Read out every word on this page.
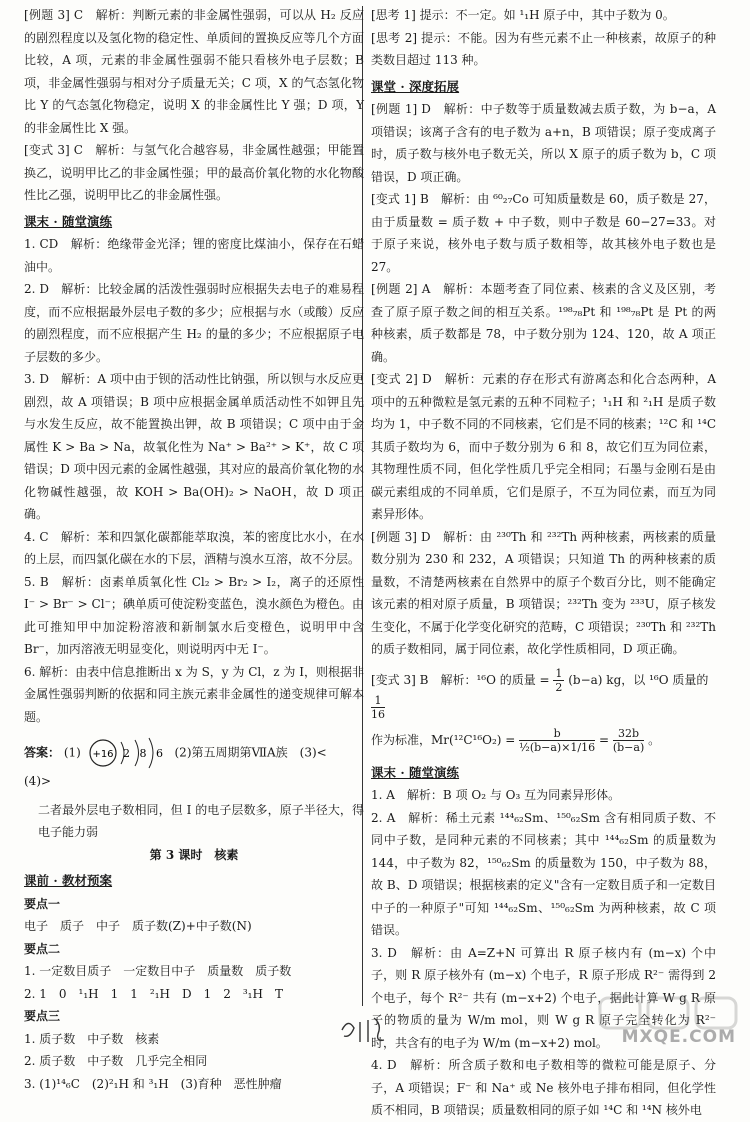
[例题 3] C　解析：判断元素的非金属性强弱，可以从 H₂ 反应的剧烈程度以及氢化物的稳定性、单质间的置换反应等几个方面比较，A 项，元素的非金属性强弱不能只看核外电子层数；B 项，非金属性强弱与相对分子质量无关；C 项，X 的气态氢化物比 Y 的气态氢化物稳定，说明 X 的非金属性比 Y 强；D 项，Y 的非金属性比 X 强。

[变式 3] C　解析：与氢气化合越容易，非金属性越强；甲能置换乙，说明甲比乙的非金属性强；甲的最高价氧化物的水化物酸性比乙强，说明甲比乙的非金属性强。

课末 · 随堂演练

1. CD　解析：绝缘带金光泽；锂的密度比煤油小，保存在石蜡油中。

2. D　解析：比较金属的活泼性强弱时应根据失去电子的难易程度，而不应根据最外层电子数的多少；应根据与水（或酸）反应的剧烈程度，而不应根据产生 H₂ 的量的多少；不应根据原子电子层数的多少。

3. D　解析：A 项中由于钡的活动性比钠强，所以钡与水反应更剧烈，故 A 项错误；B 项中应根据金属单质活动性不如钾且先与水发生反应，故不能置换出钾，故 B 项错误；C 项中由于金属性 K > Ba > Na，故氧化性为 Na⁺ > Ba²⁺ > K⁺，故 C 项错误；D 项中因元素的金属性越强，其对应的最高价氧化物的水化物碱性越强，故 KOH > Ba(OH)₂ > NaOH，故 D 项正确。

4. C　解析：苯和四氯化碳都能萃取溴，苯的密度比水小，在水的上层，而四氯化碳在水的下层，酒精与溴水互溶，故不分层。

5. B　解析：卤素单质氧化性 Cl₂ > Br₂ > I₂，离子的还原性 I⁻ > Br⁻ > Cl⁻；碘单质可使淀粉变蓝色，溴水颜色为橙色。由此可推知甲中加淀粉溶液和新制氯水后变橙色，说明甲中含 Br⁻，加丙溶液无明显变化，则说明丙中无 I⁻。

6. 解析：由表中信息推断出 x 为 S，y 为 Cl，z 为 I，则根据非金属性强弱判断的依据和同主族元素非金属性的递变规律可解本题。

答案： (1) +16 2 8 6 (2)第五周期第ⅦA族　(3)<　(4)>

二者最外层电子数相同，但 I 的电子层数多，原子半径大，得电子能力弱

第 3 课时　核素

课前 · 教材预案

要点一

电子　质子　中子　质子数(Z)+中子数(N)

要点二

1. 一定数目质子　一定数目中子　质量数　质子数

2. 1　0　¹₁H　1　1　²₁H　D　1　2　³₁H　T

要点三

1. 质子数　中子数　核素

2. 质子数　中子数　几乎完全相同

3. (1)¹⁴₆C　(2)²₁H 和 ³₁H　(3)育种　恶性肿瘤

[思考 1] 提示：不一定。如 ¹₁H 原子中，其中子数为 0。

[思考 2] 提示：不能。因为有些元素不止一种核素，故原子的种类数目超过 113 种。

课堂 · 深度拓展

[例题 1] D　解析：中子数等于质量数减去质子数，为 b−a，A 项错误；该离子含有的电子数为 a+n，B 项错误；原子变成离子时，质子数与核外电子数无关，所以 X 原子的质子数为 b，C 项错误，D 项正确。

[变式 1] B　解析：由 ⁶⁰₂₇Co 可知质量数是 60，质子数是 27，由于质量数 = 质子数 + 中子数，则中子数是 60−27=33。对于原子来说，核外电子数与质子数相等，故其核外电子数也是 27。

[例题 2] A　解析：本题考查了同位素、核素的含义及区别，考查了原子原子数之间的相互关系。¹⁹⁸₇₈Pt 和 ¹⁹⁸₇₈Pt 是 Pt 的两种核素，质子数都是 78，中子数分别为 124、120，故 A 项正确。

[变式 2] D　解析：元素的存在形式有游离态和化合态两种，A 项中的五种微粒是氢元素的五种不同粒子；¹₁H 和 ²₁H 是质子数均为 1，中子数不同的不同核素，它们是不同的核素；¹²C 和 ¹⁴C 其质子数均为 6，而中子数分别为 6 和 8，故它们互为同位素，其物理性质不同，但化学性质几乎完全相同；石墨与金刚石是由碳元素组成的不同单质，它们是原子，不互为同位素，而互为同素异形体。

[例题 3] D　解析：由 ²³⁰Th 和 ²³²Th 两种核素，两核素的质量数分别为 230 和 232，A 项错误；只知道 Th 的两种核素的质量数，不清楚两核素在自然界中的原子个数百分比，则不能确定该元素的相对原子质量，B 项错误；²³²Th 变为 ²³³U，原子核发生变化，不属于化学变化研究的范畴，C 项错误；²³⁰Th 和 ²³²Th 的质子数相同，属于同位素，故化学性质相同，D 项正确。

[变式 3] B　解析：¹⁶O 的质量 = $\frac{1}{2} (b-a)$ kg，以 ¹⁶O 质量的
$\frac{1}{16}$
作为标准，$Mr(^{12}C^{16}O_2) = \frac{b}{\text{½(b−a)×1/16}} = \frac{32b}{(b-a)}$ 。

课末 · 随堂演练

1. A　解析：B 项 O₂ 与 O₃ 互为同素异形体。

2. A　解析：稀土元素 ¹⁴⁴₆₂Sm、¹⁵⁰₆₂Sm 含有相同质子数、不同中子数，是同种元素的不同核素；其中 ¹⁴⁴₆₂Sm 的质量数为 144，中子数为 82，¹⁵⁰₆₂Sm 的质量数为 150，中子数为 88，故 B、D 项错误；根据核素的定义"含有一定数目质子和一定数目中子的一种原子"可知 ¹⁴⁴₆₂Sm、¹⁵⁰₆₂Sm 为两种核素，故 C 项错误。

3. D　解析：由 A=Z+N 可算出 R 原子核内有 (m−x) 个中子，则 R 原子核外有 (m−x) 个电子，R 原子形成 R²⁻ 需得到 2 个电子，每个 R²⁻ 共有 (m−x+2) 个电子，据此计算 W g R 原子的物质的量为 W/m mol，则 W g R 原子完全转化为 R²⁻ 时，共含有的电子为 W/m (m−x+2) mol。

4. D　解析：所含质子数和电子数相等的微粒可能是原子、分子，A 项错误；F⁻ 和 Na⁺ 或 Ne 核外电子排布相同，但化学性质不相同，B 项错误；质量数相同的原子如 ¹⁴C 和 ¹⁴N 核外电

MXQE.COM
